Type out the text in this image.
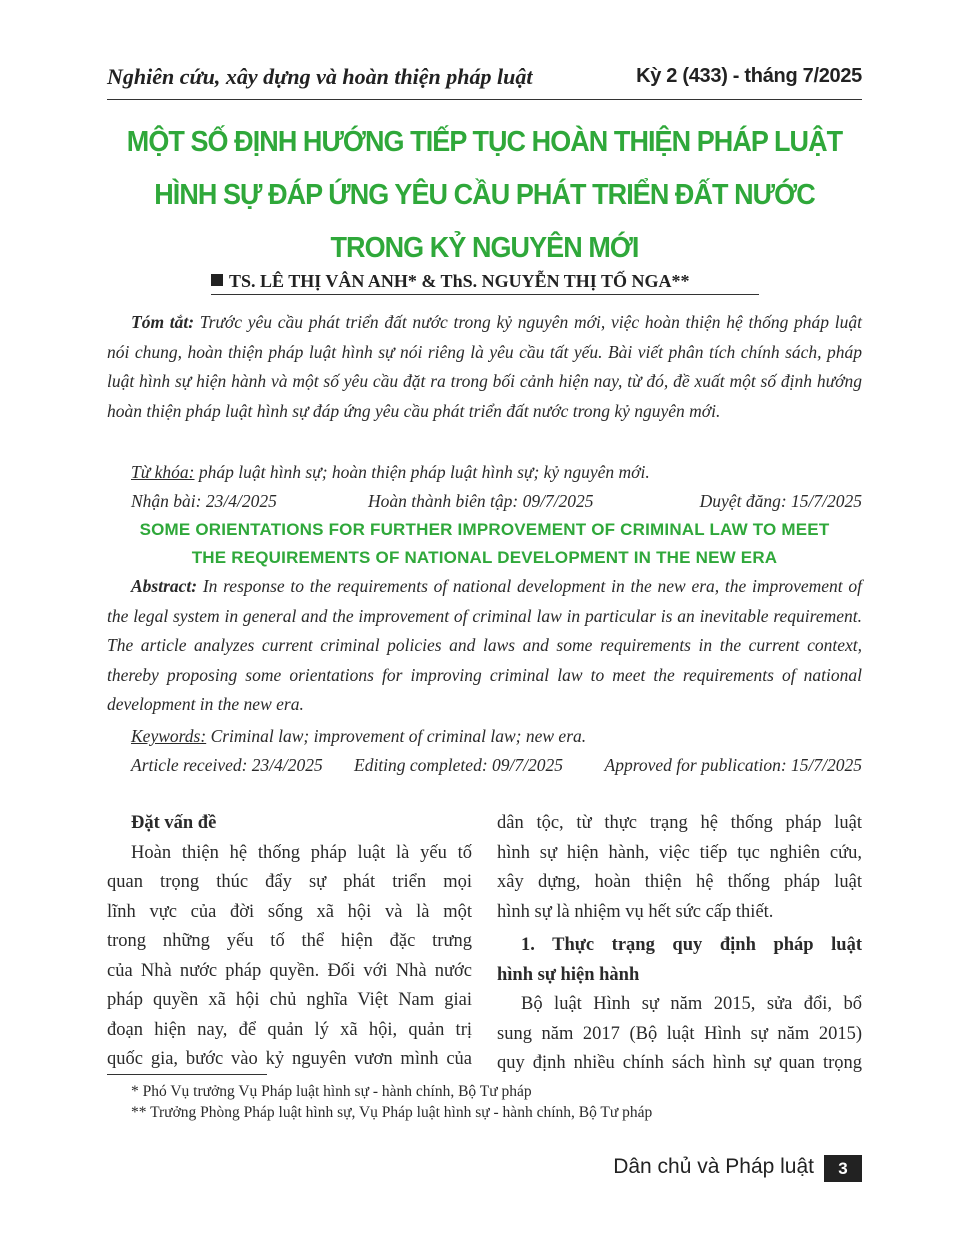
Nghiên cứu, xây dựng và hoàn thiện pháp luật	Kỳ 2 (433) - tháng 7/2025
MỘT SỐ ĐỊNH HƯỚNG TIẾP TỤC HOÀN THIỆN PHÁP LUẬT
HÌNH SỰ ĐÁP ỨNG YÊU CẦU PHÁT TRIỂN ĐẤT NƯỚC
TRONG KỶ NGUYÊN MỚI
TS. LÊ THỊ VÂN ANH* & ThS. NGUYỄN THỊ TỐ NGA**
Tóm tắt: Trước yêu cầu phát triển đất nước trong kỷ nguyên mới, việc hoàn thiện hệ thống pháp luật nói chung, hoàn thiện pháp luật hình sự nói riêng là yêu cầu tất yếu. Bài viết phân tích chính sách, pháp luật hình sự hiện hành và một số yêu cầu đặt ra trong bối cảnh hiện nay, từ đó, đề xuất một số định hướng hoàn thiện pháp luật hình sự đáp ứng yêu cầu phát triển đất nước trong kỷ nguyên mới.
Từ khóa: pháp luật hình sự; hoàn thiện pháp luật hình sự; kỷ nguyên mới.
Nhận bài: 23/4/2025	Hoàn thành biên tập: 09/7/2025	Duyệt đăng: 15/7/2025
SOME ORIENTATIONS FOR FURTHER IMPROVEMENT OF CRIMINAL LAW TO MEET
THE REQUIREMENTS OF NATIONAL DEVELOPMENT IN THE NEW ERA
Abstract: In response to the requirements of national development in the new era, the improvement of the legal system in general and the improvement of criminal law in particular is an inevitable requirement. The article analyzes current criminal policies and laws and some requirements in the current context, thereby proposing some orientations for improving criminal law to meet the requirements of national development in the new era.
Keywords: Criminal law; improvement of criminal law; new era.
Article received: 23/4/2025 Editing completed: 09/7/2025 Approved for publication: 15/7/2025

Đặt vấn đề

Hoàn thiện hệ thống pháp luật là yếu tố
quan trọng thúc đẩy sự phát triển mọi
lĩnh vực của đời sống xã hội và là một
trong những yếu tố thể hiện đặc trưng
của Nhà nước pháp quyền. Đối với Nhà nước
pháp quyền xã hội chủ nghĩa Việt Nam giai
đoạn hiện nay, để quản lý xã hội, quản trị
quốc gia, bước vào kỷ nguyên vươn mình của
dân tộc, từ thực trạng hệ thống pháp luật
hình sự hiện hành, việc tiếp tục nghiên cứu,
xây dựng, hoàn thiện hệ thống pháp luật
hình sự là nhiệm vụ hết sức cấp thiết.
1. Thực trạng quy định pháp luật
hình sự hiện hành
Bộ luật Hình sự năm 2015, sửa đổi, bổ
sung năm 2017 (Bộ luật Hình sự năm 2015)
quy định nhiều chính sách hình sự quan trọng
* Phó Vụ trưởng Vụ Pháp luật hình sự - hành chính, Bộ Tư pháp
** Trưởng Phòng Pháp luật hình sự, Vụ Pháp luật hình sự - hành chính, Bộ Tư pháp
Dân chủ và Pháp luật	3
